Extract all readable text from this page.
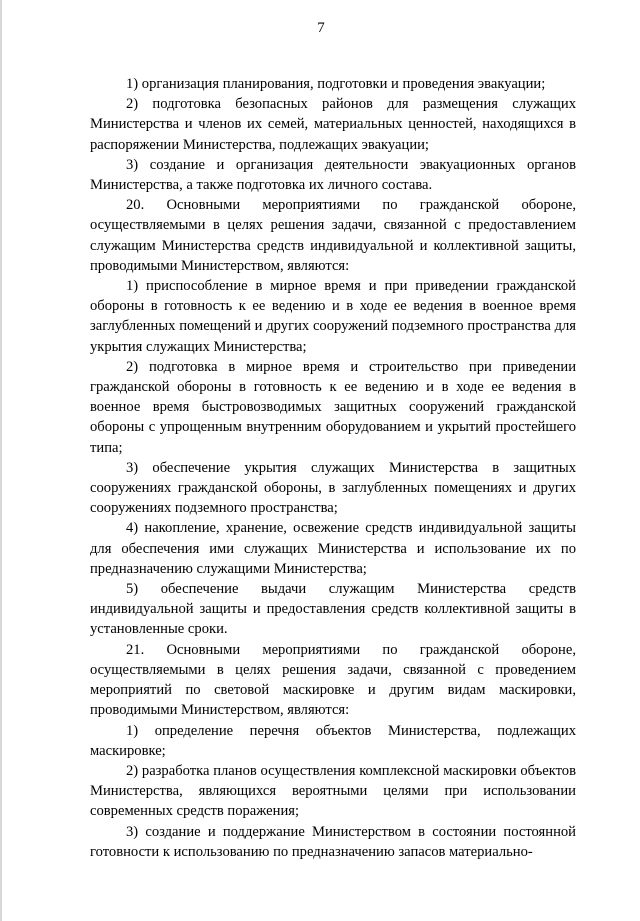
7

1) организация планирования, подготовки и проведения эвакуации;

2) подготовка безопасных районов для размещения служащих Министерства и членов их семей, материальных ценностей, находящихся в распоряжении Министерства, подлежащих эвакуации;

3) создание и организация деятельности эвакуационных органов Министерства, а также подготовка их личного состава.

20. Основными мероприятиями по гражданской обороне, осуществляемыми в целях решения задачи, связанной с предоставлением служащим Министерства средств индивидуальной и коллективной защиты, проводимыми Министерством, являются:

1) приспособление в мирное время и при приведении гражданской обороны в готовность к ее ведению и в ходе ее ведения в военное время заглубленных помещений и других сооружений подземного пространства для укрытия служащих Министерства;

2) подготовка в мирное время и строительство при приведении гражданской обороны в готовность к ее ведению и в ходе ее ведения в военное время быстровозводимых защитных сооружений гражданской обороны с упрощенным внутренним оборудованием и укрытий простейшего типа;

3) обеспечение укрытия служащих Министерства в защитных сооружениях гражданской обороны, в заглубленных помещениях и других сооружениях подземного пространства;

4) накопление, хранение, освежение средств индивидуальной защиты для обеспечения ими служащих Министерства и использование их по предназначению служащими Министерства;

5) обеспечение выдачи служащим Министерства средств индивидуальной защиты и предоставления средств коллективной защиты в установленные сроки.

21. Основными мероприятиями по гражданской обороне, осуществляемыми в целях решения задачи, связанной с проведением мероприятий по световой маскировке и другим видам маскировки, проводимыми Министерством, являются:

1) определение перечня объектов Министерства, подлежащих маскировке;

2) разработка планов осуществления комплексной маскировки объектов Министерства, являющихся вероятными целями при использовании современных средств поражения;

3) создание и поддержание Министерством в состоянии постоянной готовности к использованию по предназначению запасов материально-
